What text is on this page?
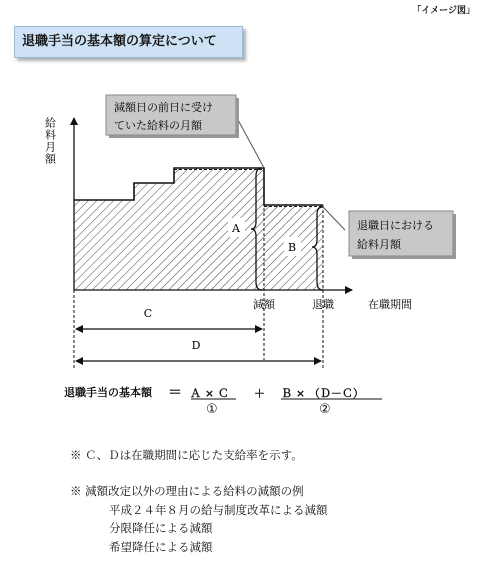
「イメージ図」
退職手当の基本額の算定について
A
B
C
D
減額	退職	在職期間
減額日の前日に受け
ていた給料の月額
退職日における
給料月額
給料月額
退職手当の基本額 ＝ Ａ × Ｃ ＋ Ｂ × （Ｄ－Ｃ）
①	②
※ Ｃ、Ｄは在職期間に応じた支給率を示す。
※ 減額改定以外の理由による給料の減額の例
平成２４年８月の給与制度改革による減額
分限降任による減額
希望降任による減額
